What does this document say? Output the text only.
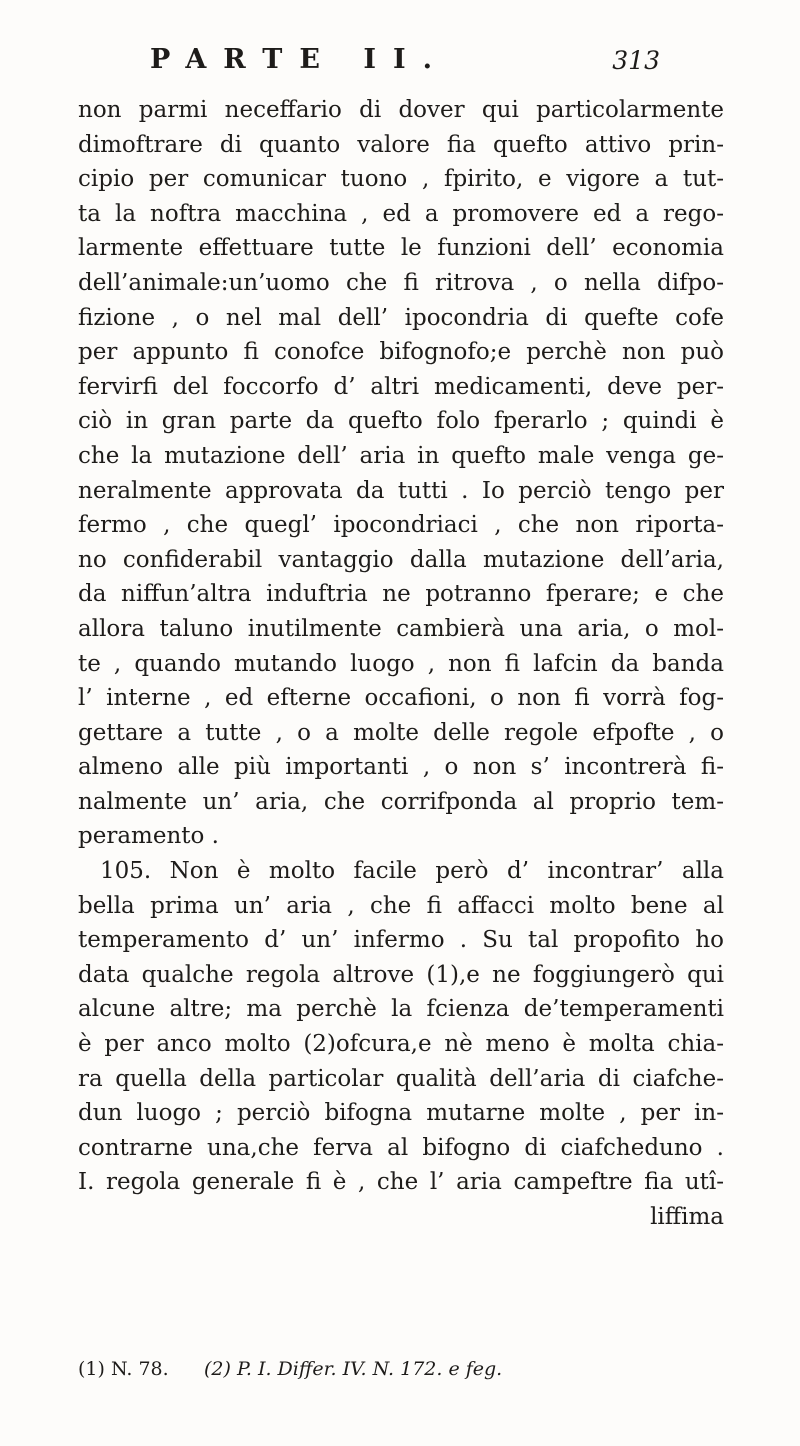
PARTE II.	313
non parmi neceffario di dover qui particolarmente
dimoftrare di quanto valore fia quefto attivo prin-
cipio per comunicar tuono , fpirito, e vigore a tut-
ta la noftra macchina , ed a promovere ed a rego-
larmente effettuare tutte le funzioni dell’ economia
dell’animale:un’uomo che fi ritrova , o nella difpo-
fizione , o nel mal dell’ ipocondria di quefte cofe
per appunto fi conofce bifognofo;e perchè non può
fervirfi del foccorfo d’ altri medicamenti, deve per-
ciò in gran parte da quefto folo fperarlo ; quindi è
che la mutazione dell’ aria in quefto male venga ge-
neralmente approvata da tutti . Io perciò tengo per
fermo , che quegl’ ipocondriaci , che non riporta-
no confiderabil vantaggio dalla mutazione dell’aria,
da niffun’altra induftria ne potranno fperare; e che
allora taluno inutilmente cambierà una aria, o mol-
te , quando mutando luogo , non fi lafcin da banda
l’ interne , ed efterne occafioni, o non fi vorrà fog-
gettare a tutte , o a molte delle regole efpofte , o
almeno alle più importanti , o non s’ incontrerà fi-
nalmente un’ aria, che corrifponda al proprio tem-
peramento .
105. Non è molto facile però d’ incontrar’ alla
bella prima un’ aria , che fi affacci molto bene al
temperamento d’ un’ infermo . Su tal propofito ho
data qualche regola altrove (1),e ne foggiungerò qui
alcune altre; ma perchè la fcienza de’temperamenti
è per anco molto (2)ofcura,e nè meno è molta chia-
ra quella della particolar qualità dell’aria di ciafche-
dun luogo ; perciò bifogna mutarne molte , per in-
contrarne una,che ferva al bifogno di ciafcheduno .
I. regola generale fi è , che l’ aria campeftre fia utî-
liffima
(1) N. 78. (2) P. I. Differ. IV. N. 172. e feg.
